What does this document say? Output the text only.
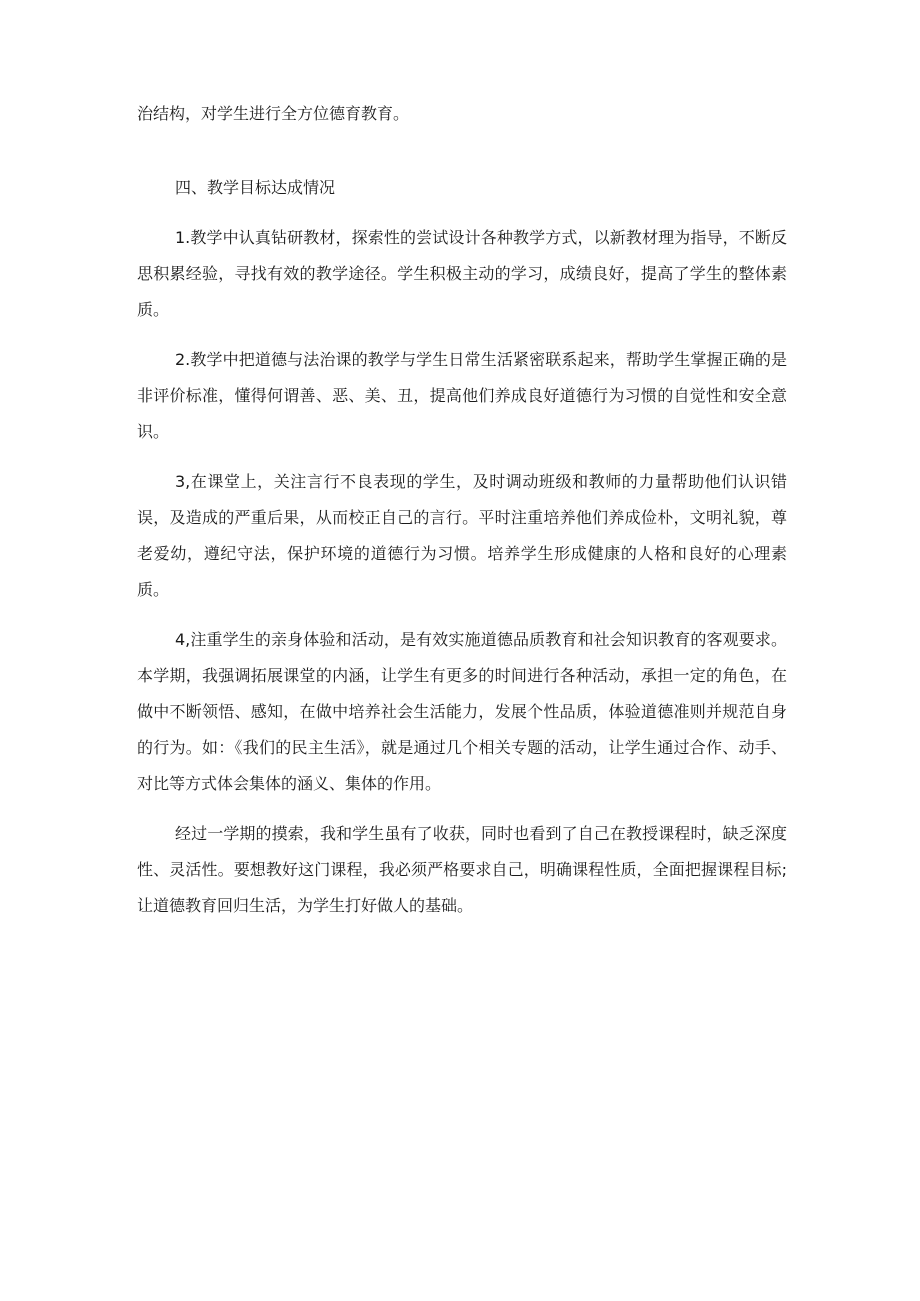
治结构，对学生进行全方位德育教育。

四、教学目标达成情况

1.教学中认真钻研教材，探索性的尝试设计各种教学方式，以新教材理为指导，不断反思积累经验，寻找有效的教学途径。学生积极主动的学习，成绩良好，提高了学生的整体素质。

2.教学中把道德与法治课的教学与学生日常生活紧密联系起来，帮助学生掌握正确的是非评价标准，懂得何谓善、恶、美、丑，提高他们养成良好道德行为习惯的自觉性和安全意识。

3,在课堂上，关注言行不良表现的学生，及时调动班级和教师的力量帮助他们认识错误，及造成的严重后果，从而校正自己的言行。平时注重培养他们养成俭朴，文明礼貌，尊老爱幼，遵纪守法，保护环境的道德行为习惯。培养学生形成健康的人格和良好的心理素质。

4,注重学生的亲身体验和活动，是有效实施道德品质教育和社会知识教育的客观要求。本学期，我强调拓展课堂的内涵，让学生有更多的时间进行各种活动，承担一定的角色，在做中不断领悟、感知，在做中培养社会生活能力，发展个性品质，体验道德准则并规范自身的行为。如：《我们的民主生活》，就是通过几个相关专题的活动，让学生通过合作、动手、对比等方式体会集体的涵义、集体的作用。

经过一学期的摸索，我和学生虽有了收获，同时也看到了自己在教授课程时，缺乏深度性、灵活性。要想教好这门课程，我必须严格要求自己，明确课程性质，全面把握课程目标;让道德教育回归生活，为学生打好做人的基础。
